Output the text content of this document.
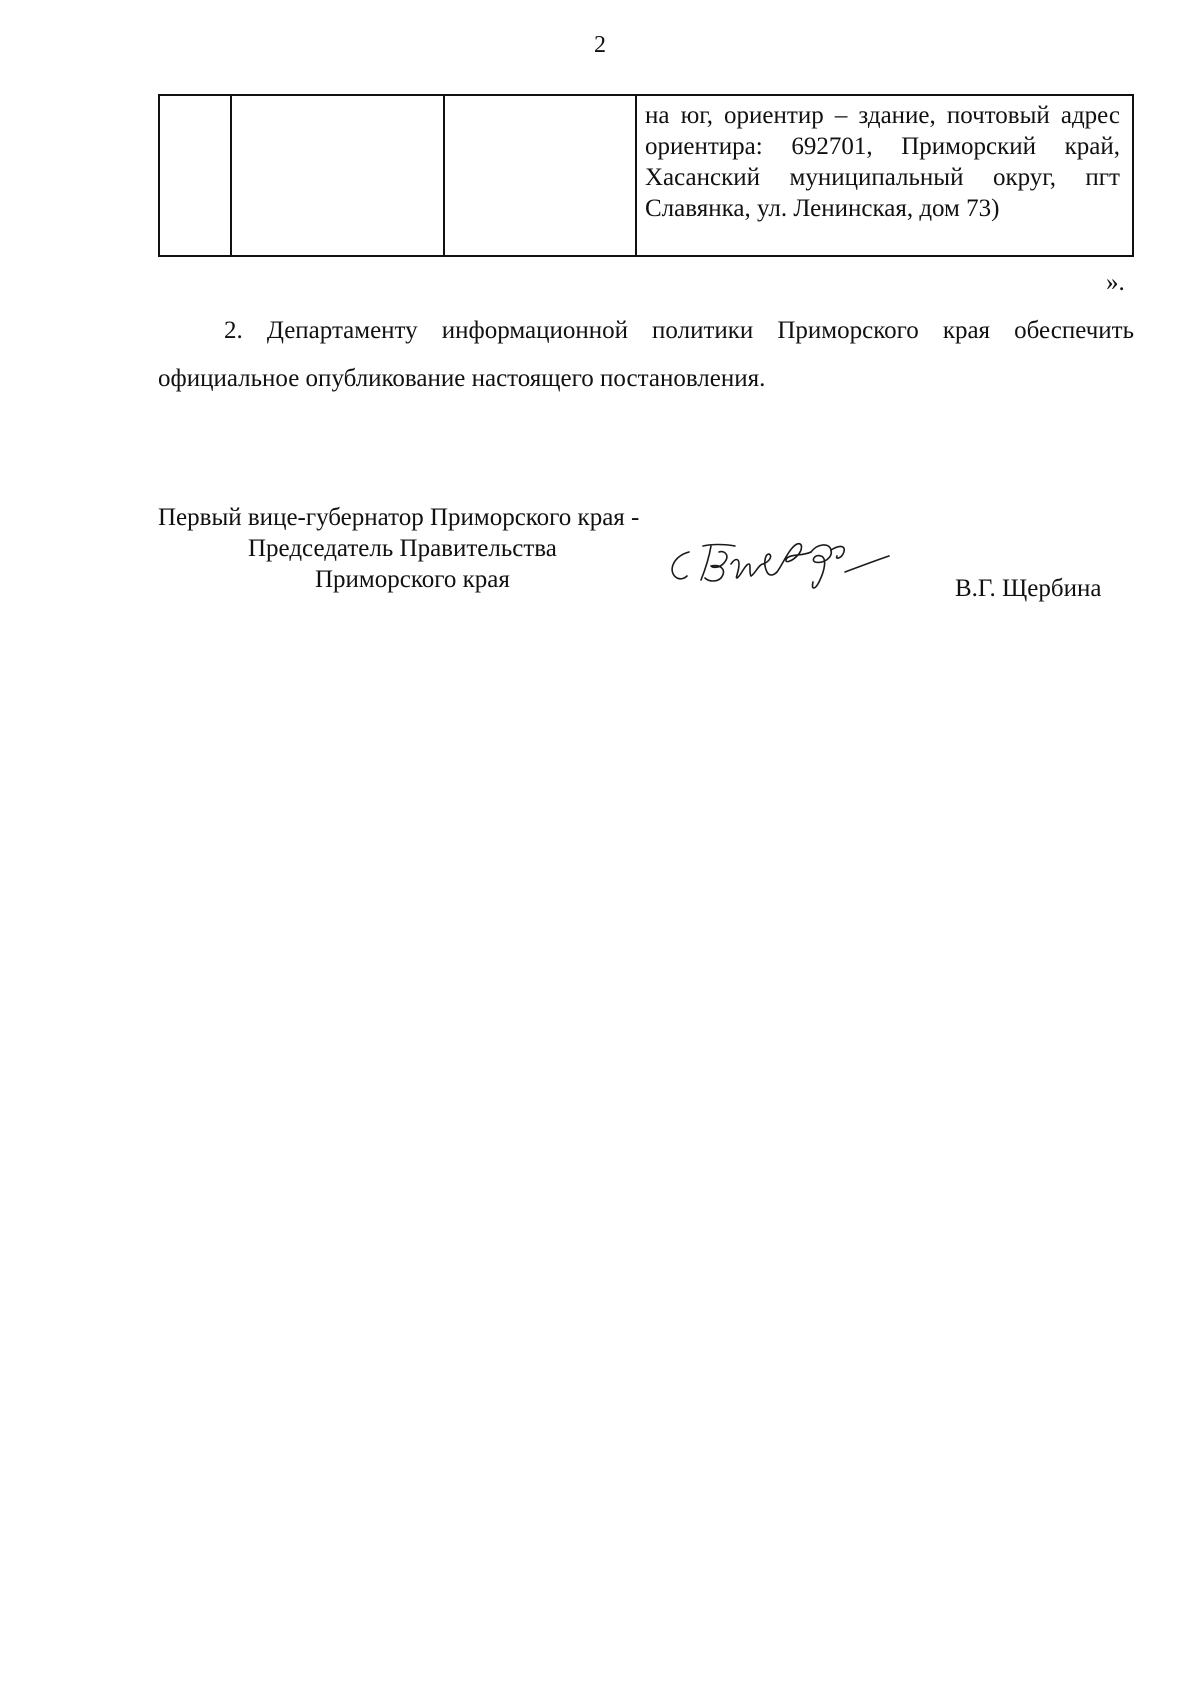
2
			на юг, ориентир – здание, почтовый адрес ориентира: 692701, Приморский край, Хасанский муниципальный округ, пгт Славянка, ул. Ленинская, дом 73)
».
2. Департаменту информационной политики Приморского края обеспечить официальное опубликование настоящего постановления.
Первый вице-губернатор Приморского края -
Председатель Правительства
Приморского края	В.Г. Щербина
